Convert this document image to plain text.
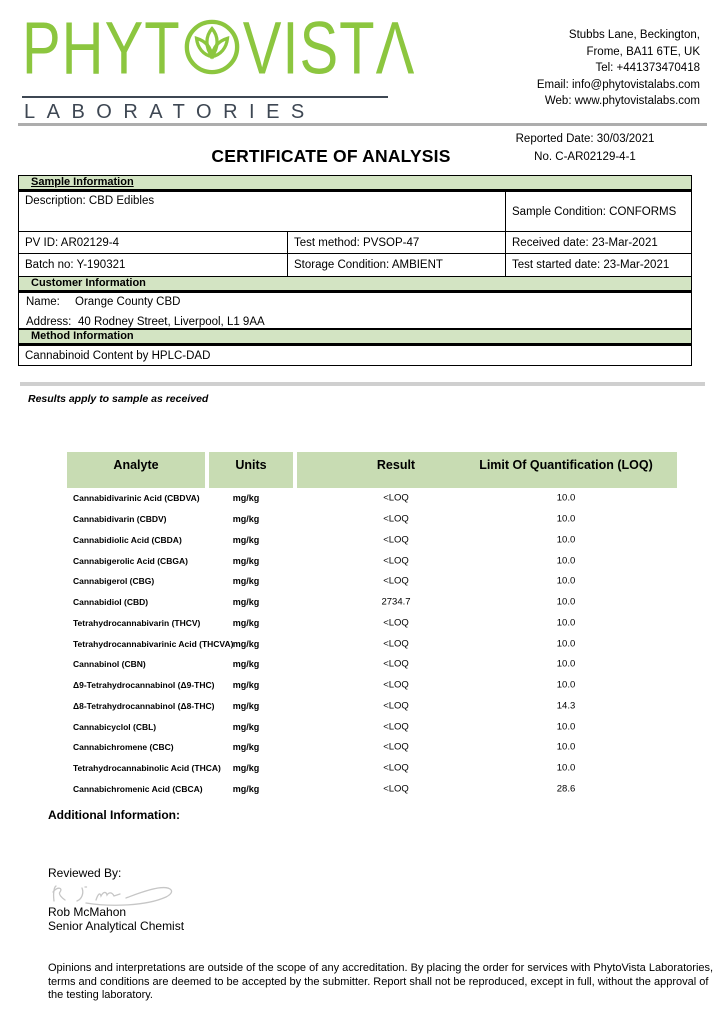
PHYT VIST Λ
LABORATORIES
Stubbs Lane, Beckington,
Frome, BA11 6TE, UK
Tel: +441373470418
Email: info@phytovistalabs.com
Web: www.phytovistalabs.com
CERTIFICATE OF ANALYSIS
Reported Date: 30/03/2021
No. C-AR02129-4-1
Sample Information
Description: CBD Edibles
Sample Condition: CONFORMS
PV ID: AR02129-4	Test method: PVSOP-47	Received date: 23-Mar-2021
Batch no: Y-190321	Storage Condition: AMBIENT	Test started date: 23-Mar-2021
Customer Information
Name: Orange County CBD
Address: 40 Rodney Street, Liverpool, L1 9AA
Method Information
Cannabinoid Content by HPLC-DAD
Results apply to sample as received
Analyte	Units	Result	Limit Of Quantification (LOQ)
Cannabidivarinic Acid (CBDVA)	mg/kg	<LOQ	10.0
Cannabidivarin (CBDV)	mg/kg	<LOQ	10.0
Cannabidiolic Acid (CBDA)	mg/kg	<LOQ	10.0
Cannabigerolic Acid (CBGA)	mg/kg	<LOQ	10.0
Cannabigerol (CBG)	mg/kg	<LOQ	10.0
Cannabidiol (CBD)	mg/kg	2734.7	10.0
Tetrahydrocannabivarin (THCV)	mg/kg	<LOQ	10.0
Tetrahydrocannabivarinic Acid (THCVA) mg/kg	<LOQ	10.0
Cannabinol (CBN)	mg/kg	<LOQ	10.0
Δ9-Tetrahydrocannabinol (Δ9-THC)	mg/kg	<LOQ	10.0
Δ8-Tetrahydrocannabinol (Δ8-THC)	mg/kg	<LOQ	14.3
Cannabicyclol (CBL)	mg/kg	<LOQ	10.0
Cannabichromene (CBC)	mg/kg	<LOQ	10.0
Tetrahydrocannabinolic Acid (THCA)	mg/kg	<LOQ	10.0
Cannabichromenic Acid (CBCA)	mg/kg	<LOQ	28.6
Additional Information:
Reviewed By:
Rob McMahon
Senior Analytical Chemist
Opinions and interpretations are outside of the scope of any accreditation. By placing the order for services with PhytoVista Laboratories,
terms and conditions are deemed to be accepted by the submitter. Report shall not be reproduced, except in full, without the approval of
the testing laboratory.
